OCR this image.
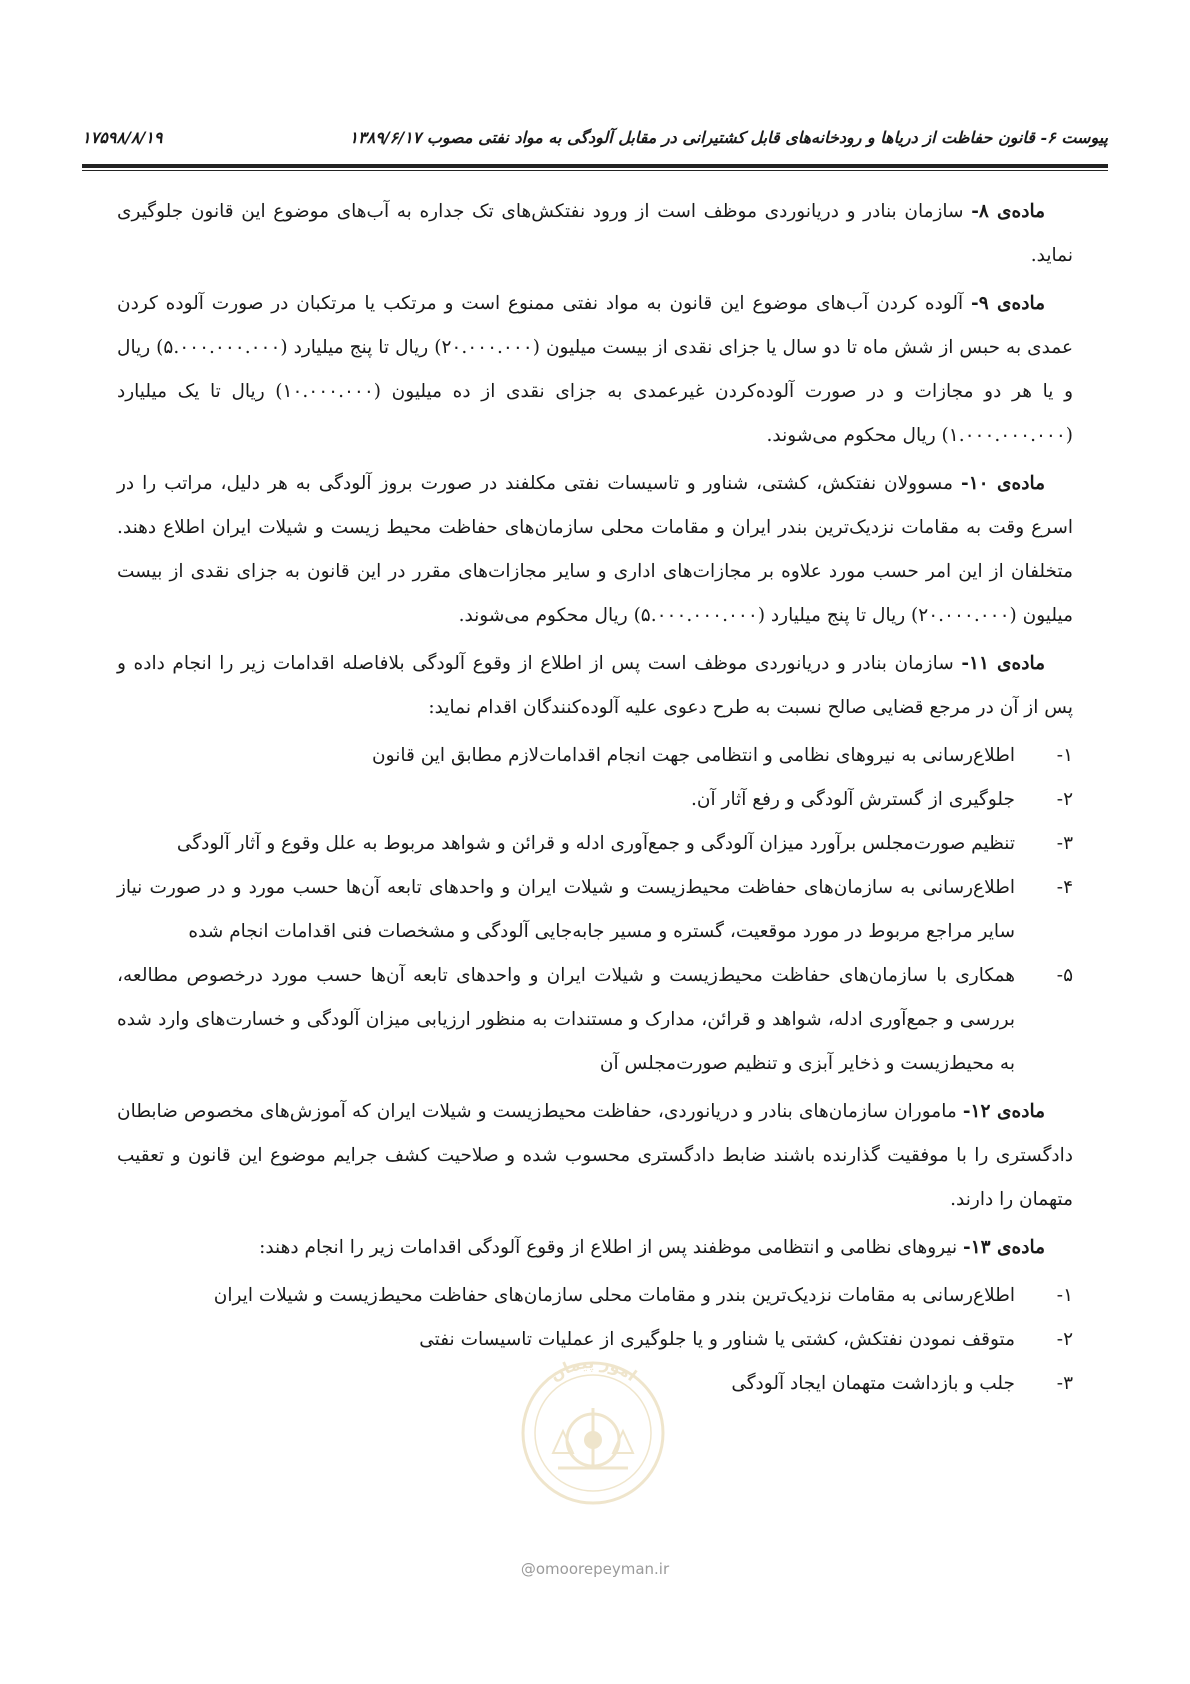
پیوست ۶- قانون حفاظت از دریاها و رودخانه‌های قابل کشتیرانی در مقابل آلودگی به مواد نفتی مصوب ۱۳۸۹/۶/۱۷
۱۷۵۹۸/۸/۱۹

ماده‌ی ۸- سازمان بنادر و دریانوردی موظف است از ورود نفتکش‌های تک جداره به آب‌های موضوع این قانون جلوگیری نماید.

ماده‌ی ۹- آلوده کردن آب‌های موضوع این قانون به مواد نفتی ممنوع است و مرتکب یا مرتکبان در صورت آلوده کردن عمدی به حبس از شش ماه تا دو سال یا جزای نقدی از بیست میلیون (۲۰.۰۰۰.۰۰۰) ریال تا پنج میلیارد (۵.۰۰۰.۰۰۰.۰۰۰) ریال و یا هر دو مجازات و در صورت آلوده‌کردن غیرعمدی به جزای نقدی از ده میلیون (۱۰.۰۰۰.۰۰۰) ریال تا یک میلیارد (۱.۰۰۰.۰۰۰.۰۰۰) ریال محکوم می‌شوند.

ماده‌ی ۱۰- مسوولان نفتکش، کشتی، شناور و تاسیسات نفتی مکلفند در صورت بروز آلودگی به هر دلیل، مراتب را در اسرع وقت به مقامات نزدیک‌ترین بندر ایران و مقامات محلی سازمان‌های حفاظت محیط زیست و شیلات ایران اطلاع دهند. متخلفان از این امر حسب مورد علاوه بر مجازات‌های اداری و سایر مجازات‌های مقرر در این قانون به جزای نقدی از بیست میلیون (۲۰.۰۰۰.۰۰۰) ریال تا پنج میلیارد (۵.۰۰۰.۰۰۰.۰۰۰) ریال محکوم می‌شوند.

ماده‌ی ۱۱- سازمان بنادر و دریانوردی موظف است پس از اطلاع از وقوع آلودگی بلافاصله اقدامات زیر را انجام داده و پس از آن در مرجع قضایی صالح نسبت به طرح دعوی علیه آلوده‌کنندگان اقدام نماید:

۱-
اطلاع‌رسانی به نیروهای نظامی و انتظامی جهت انجام اقدامات‌لازم مطابق این قانون
۲-
جلوگیری از گسترش آلودگی و رفع آثار آن.
۳-
تنظیم صورت‌مجلس برآورد میزان آلودگی و جمع‌آوری ادله و قرائن و شواهد مربوط به علل وقوع و آثار آلودگی
۴-
اطلاع‌رسانی به سازمان‌های حفاظت محیط‌زیست و شیلات ایران و واحدهای تابعه آن‌ها حسب مورد و در صورت نیاز سایر مراجع مربوط در مورد موقعیت، گستره و مسیر جابه‌جایی آلودگی و مشخصات فنی اقدامات انجام شده
۵-
همکاری با سازمان‌های حفاظت محیط‌زیست و شیلات ایران و واحدهای تابعه آن‌ها حسب مورد درخصوص مطالعه، بررسی و جمع‌آوری ادله، شواهد و قرائن، مدارک و مستندات به منظور ارزیابی میزان آلودگی و خسارت‌های وارد شده به محیط‌زیست و ذخایر آبزی و تنظیم صورت‌مجلس آن

ماده‌ی ۱۲- ماموران سازمان‌های بنادر و دریانوردی، حفاظت محیط‌زیست و شیلات ایران که آموزش‌های مخصوص ضابطان دادگستری را با موفقیت گذارنده باشند ضابط دادگستری محسوب شده و صلاحیت کشف جرایم موضوع این قانون و تعقیب متهمان را دارند.

ماده‌ی ۱۳- نیروهای نظامی و انتظامی موظفند پس از اطلاع از وقوع آلودگی اقدامات زیر را انجام دهند:

۱-
اطلاع‌رسانی به مقامات نزدیک‌ترین بندر و مقامات محلی سازمان‌های حفاظت محیط‌زیست و شیلات ایران
۲-
متوقف نمودن نفتکش، کشتی یا شناور و یا جلوگیری از عملیات تاسیسات نفتی
۳-
جلب و بازداشت متهمان ایجاد آلودگی
امور پیمان
@omoorepeyman.ir
